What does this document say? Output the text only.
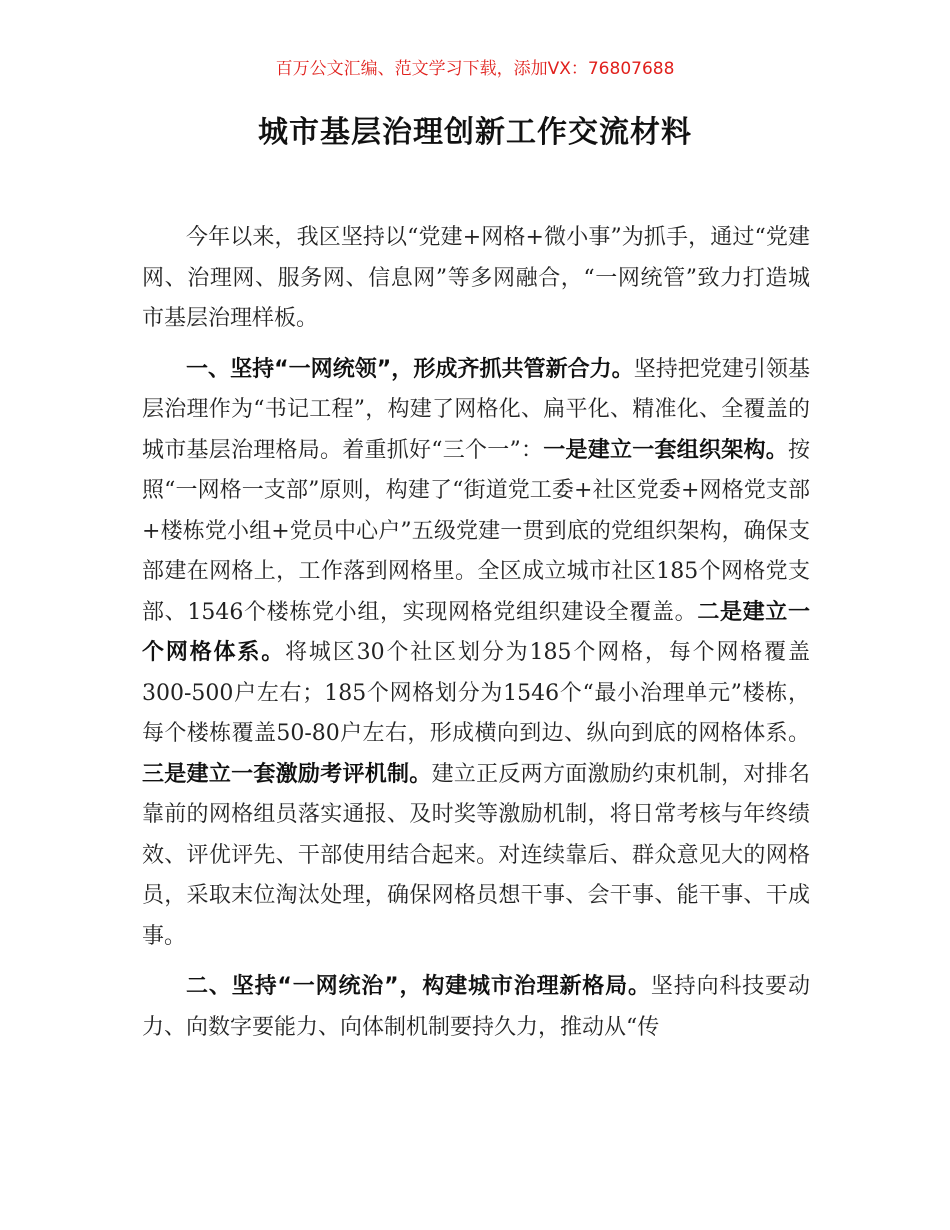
百万公文汇编、范文学习下载，添加VX：76807688
城市基层治理创新工作交流材料

今年以来，我区坚持以“党建+网格+微小事”为抓手，通过“党建网、治理网、服务网、信息网”等多网融合，“一网统管”致力打造城市基层治理样板。

一、坚持“一网统领”，形成齐抓共管新合力。坚持把党建引领基层治理作为“书记工程”，构建了网格化、扁平化、精准化、全覆盖的城市基层治理格局。着重抓好“三个一”：一是建立一套组织架构。按照“一网格一支部”原则，构建了“街道党工委+社区党委+网格党支部+楼栋党小组+党员中心户”五级党建一贯到底的党组织架构，确保支部建在网格上，工作落到网格里。全区成立城市社区185个网格党支部、1546个楼栋党小组，实现网格党组织建设全覆盖。二是建立一个网格体系。将城区30个社区划分为185个网格，每个网格覆盖300-500户左右；185个网格划分为1546个“最小治理单元”楼栋，每个楼栋覆盖50-80户左右，形成横向到边、纵向到底的网格体系。三是建立一套激励考评机制。建立正反两方面激励约束机制，对排名靠前的网格组员落实通报、及时奖等激励机制，将日常考核与年终绩效、评优评先、干部使用结合起来。对连续靠后、群众意见大的网格员，采取末位淘汰处理，确保网格员想干事、会干事、能干事、干成事。

二、坚持“一网统治”，构建城市治理新格局。坚持向科技要动力、向数字要能力、向体制机制要持久力，推动从“传
